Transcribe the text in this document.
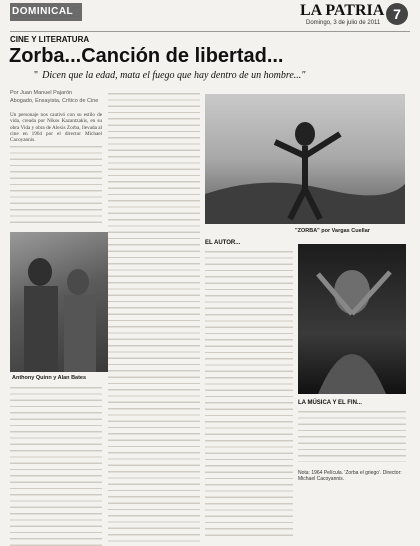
DOMINICAL	LA PATRIA 7
Domingo, 3 de julio de 2011
CINE Y LITERATURA
Zorba...Canción de libertad...
" Dicen que la edad, mata el fuego que hay dentro de un hombre..."
Por Juan Manuel Pajarón
Abogado, Ensayista, Crítico de Cine
Un personaje nos cautivó con su estilo de vida, creada por Nikos Kazantzakis, en su obra Vida y obra de Alexis Zorba, llevada al cine en 1964 por el director Michael Cacoyannis.
EL AUTOR...
LA MÚSICA Y EL FIN...
Anthony Quinn y Alan Bates
"ZORBA" por Vargas Cuellar
Nota: 1964 Película. 'Zorba el griego'. Director: Michael Cacoyannis.
